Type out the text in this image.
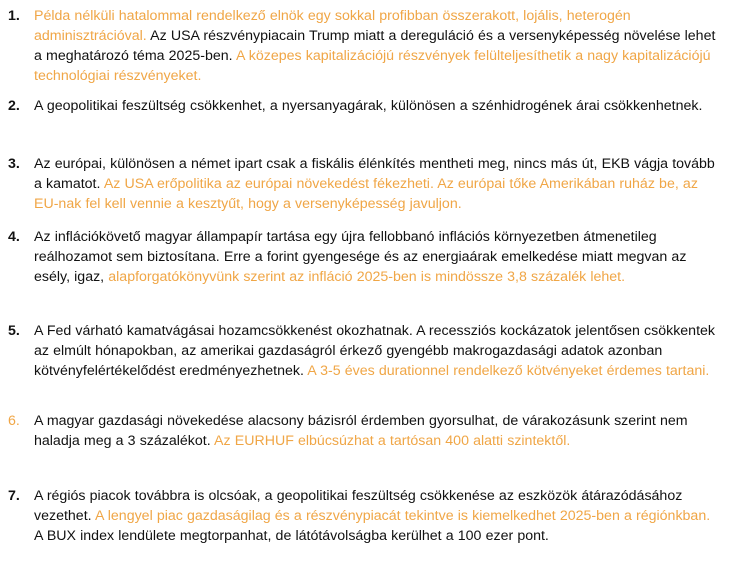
1. Példa nélküli hatalommal rendelkező elnök egy sokkal profibban összerakott, lojális, heterogén adminisztrációval. Az USA részvénypiacain Trump miatt a dereguláció és a versenyképesség növelése lehet a meghatározó téma 2025-ben. A közepes kapitalizációjú részvények felülteljesíthetik a nagy kapitalizációjú technológiai részvényeket.
2. A geopolitikai feszültség csökkenhet, a nyersanyagárak, különösen a szénhidrogének árai csökkenhetnek.
3. Az európai, különösen a német ipart csak a fiskális élénkítés mentheti meg, nincs más út, EKB vágja tovább a kamatot. Az USA erőpolitika az európai növekedést fékezheti. Az európai tőke Amerikában ruház be, az EU-nak fel kell vennie a kesztyűt, hogy a versenyképesség javuljon.
4. Az inflációkövető magyar állampapír tartása egy újra fellobbanó inflációs környezetben átmenetileg reálhozamot sem biztosítana. Erre a forint gyengesége és az energiaárak emelkedése miatt megvan az esély, igaz, alapforgatókönyvünk szerint az infláció 2025-ben is mindössze 3,8 százalék lehet.
5. A Fed várható kamatvágásai hozamcsökkenést okozhatnak. A recessziós kockázatok jelentősen csökkentek az elmúlt hónapokban, az amerikai gazdaságról érkező gyengébb makrogazdasági adatok azonban kötvényfelértékelődést eredményezhetnek. A 3-5 éves durationnel rendelkező kötvényeket érdemes tartani.
6. A magyar gazdasági növekedése alacsony bázisról érdemben gyorsulhat, de várakozásunk szerint nem haladja meg a 3 százalékot. Az EURHUF elbúcsúzhat a tartósan 400 alatti szintektől.
7. A régiós piacok továbbra is olcsóak, a geopolitikai feszültség csökkenése az eszközök átárazódásához vezethet. A lengyel piac gazdaságilag és a részvénypiacát tekintve is kiemelkedhet 2025-ben a régiónkban. A BUX index lendülete megtorpanhat, de látótávolságba kerülhet a 100 ezer pont.
